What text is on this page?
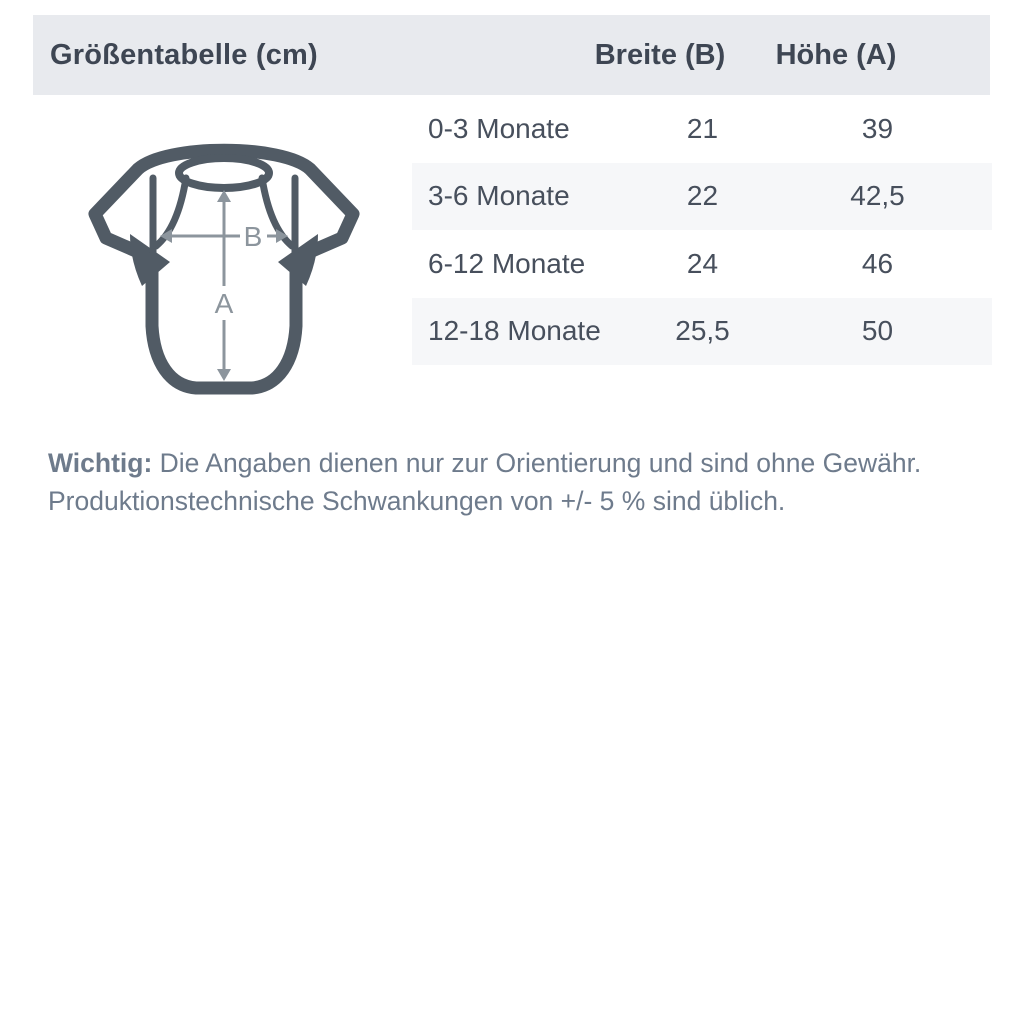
Größentabelle (cm)	Breite (B) Höhe (A)
A
B
0-3 Monate	21	39
3-6 Monate	22	42,5
6-12 Monate	24	46
12-18 Monate	25,5	50
Wichtig: Die Angaben dienen nur zur Orientierung und sind ohne Gewähr.
Produktionstechnische Schwankungen von +/- 5 % sind üblich.
